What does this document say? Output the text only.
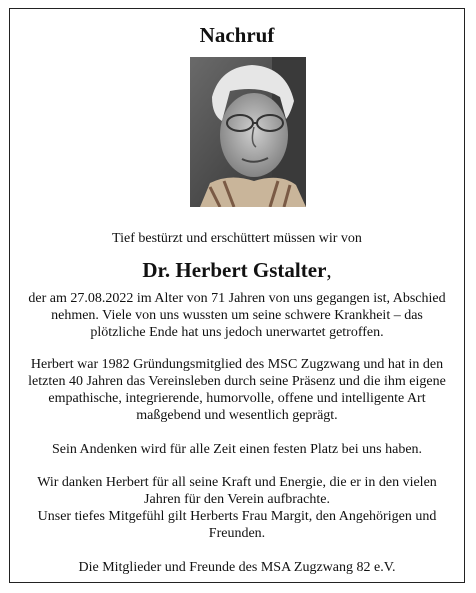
Nachruf

Tief bestürzt und erschüttert müssen wir von

Dr. Herbert Gstalter,

der am 27.08.2022 im Alter von 71 Jahren von uns gegangen ist, Abschied nehmen. Viele von uns wussten um seine schwere Krankheit – das plötzliche Ende hat uns jedoch unerwartet getroffen.

Herbert war 1982 Gründungsmitglied des MSC Zugzwang und hat in den letzten 40 Jahren das Vereinsleben durch seine Präsenz und die ihm eigene empathische, integrierende, humorvolle, offene und intelligente Art maßgebend und wesentlich geprägt.

Sein Andenken wird für alle Zeit einen festen Platz bei uns haben.

Wir danken Herbert für all seine Kraft und Energie, die er in den vielen Jahren für den Verein aufbrachte.

Unser tiefes Mitgefühl gilt Herberts Frau Margit, den Angehörigen und Freunden.

Die Mitglieder und Freunde des MSA Zugzwang 82 e.V.
